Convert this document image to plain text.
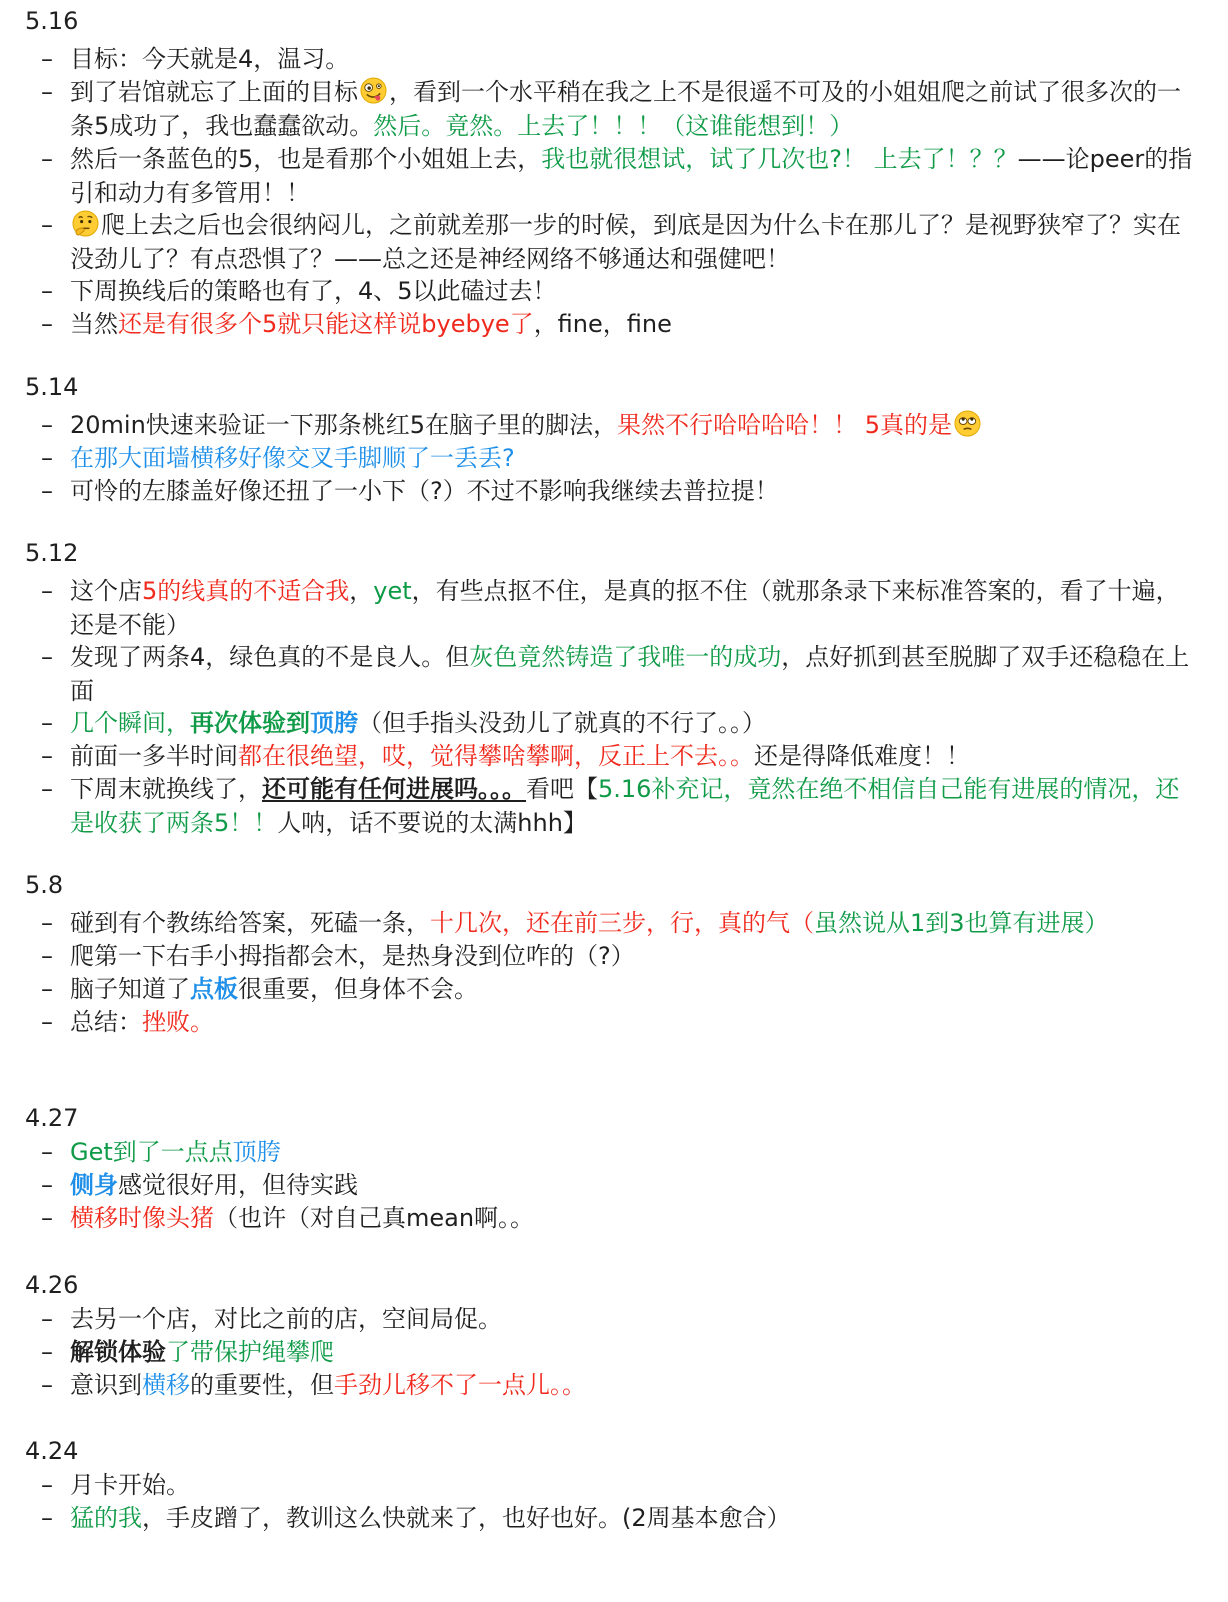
5.16
– 目标：今天就是4，温习。
– 到了岩馆就忘了上面的目标 ，看到一个水平稍在我之上不是很遥不可及的小姐姐爬之前试了很多次的一条5成功了，我也蠢蠢欲动。然后。竟然。上去了！！！（这谁能想到！）
– 然后一条蓝色的5，也是看那个小姐姐上去，我也就很想试，试了几次也?！ 上去了！？？——论peer的指引和动力有多管用！！
–	爬上去之后也会很纳闷儿，之前就差那一步的时候，到底是因为什么卡在那儿了？是视野狭窄了？实在没劲儿了？有点恐惧了？——总之还是神经网络不够通达和强健吧！
– 下周换线后的策略也有了，4、5以此磕过去！
– 当然还是有很多个5就只能这样说byebye了，fine，fine
5.14
– 20min快速来验证一下那条桃红5在脑子里的脚法，果然不行哈哈哈哈！！ 5真的是
– 在那大面墙横移好像交叉手脚顺了一丢丢?
– 可怜的左膝盖好像还扭了一小下（?）不过不影响我继续去普拉提！
5.12
– 这个店5的线真的不适合我，yet，有些点抠不住，是真的抠不住（就那条录下来标准答案的，看了十遍，还是不能）
– 发现了两条4，绿色真的不是良人。但灰色竟然铸造了我唯一的成功，点好抓到甚至脱脚了双手还稳稳在上面
– 几个瞬间，再次体验到顶胯（但手指头没劲儿了就真的不行了。。）
– 前面一多半时间都在很绝望，哎，觉得攀啥攀啊，反正上不去。。还是得降低难度！！
– 下周末就换线了，还可能有任何进展吗。。。看吧【5.16补充记，竟然在绝不相信自己能有进展的情况，还是收获了两条5！！人呐，话不要说的太满hhh】
5.8
– 碰到有个教练给答案，死磕一条，十几次，还在前三步，行，真的气（虽然说从1到3也算有进展）
– 爬第一下右手小拇指都会木，是热身没到位咋的（?）
– 脑子知道了点板很重要，但身体不会。
– 总结：挫败。
4.27
– Get到了一点点顶胯
– 侧身感觉很好用，但待实践
– 横移时像头猪（也许（对自己真mean啊。。
4.26
– 去另一个店，对比之前的店，空间局促。
– 解锁体验了带保护绳攀爬
– 意识到横移的重要性，但手劲儿移不了一点儿。。
4.24
– 月卡开始。
– 猛的我，手皮蹭了，教训这么快就来了，也好也好。(2周基本愈合）
